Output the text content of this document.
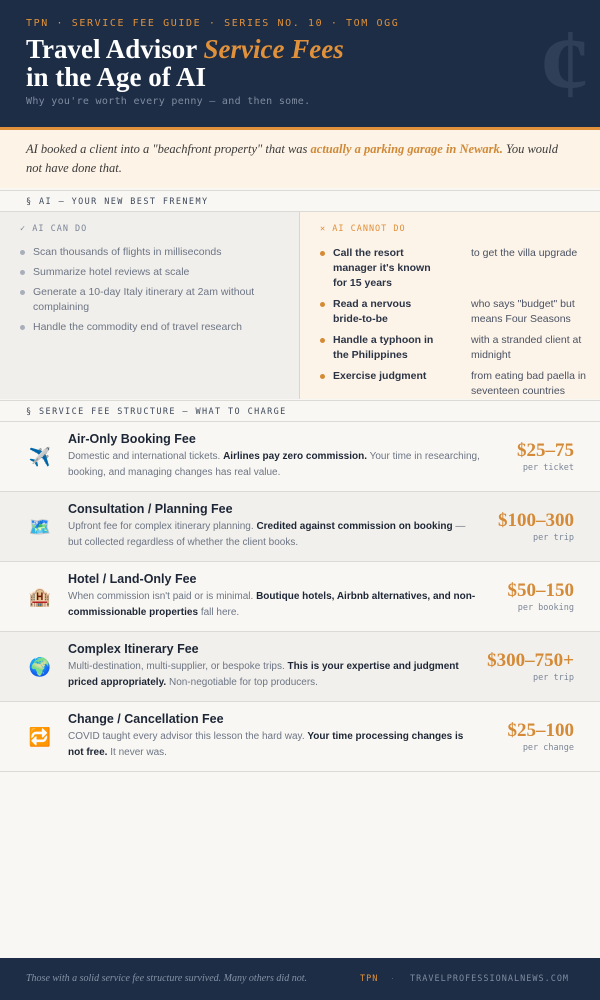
TPN · SERVICE FEE GUIDE · SERIES NO. 10 · TOM OGG
Travel Advisor Service Fees
in the Age of AI
Why you're worth every penny — and then some. ¢
AI booked a client into a "beachfront property" that was actually a parking garage in Newark. You would not have done that.
§ AI — YOUR NEW BEST FRENEMY
✓ AI CAN DO
Scan thousands of flights in milliseconds
Summarize hotel reviews at scale
Generate a 10-day Italy itinerary at 2am without complaining
Handle the commodity end of travel research
✕ AI CANNOT DO
Call the resort manager it's known for 15 years
to get the villa upgrade
Read a nervous bride-to-be
who says "budget" but means Four Seasons
Handle a typhoon in the Philippines
with a stranded client at midnight
Exercise judgment	from eating bad paella in seventeen countries
§ SERVICE FEE STRUCTURE — WHAT TO CHARGE
✈️
Air-Only Booking Fee
Domestic and international tickets. Airlines pay zero commission. Your time in researching, booking, and managing changes has real value.
$25–75
per ticket
🗺️
Consultation / Planning Fee
Upfront fee for complex itinerary planning. Credited against commission on booking — but collected regardless of whether the client books.
$100–300
per trip
🏨
Hotel / Land-Only Fee
When commission isn't paid or is minimal. Boutique hotels, Airbnb alternatives, and non-commissionable properties fall here.
$50–150
per booking
🌍
Complex Itinerary Fee
Multi-destination, multi-supplier, or bespoke trips. This is your expertise and judgment priced appropriately. Non-negotiable for top producers.
$300–750+
per trip
🔁
Change / Cancellation Fee
COVID taught every advisor this lesson the hard way. Your time processing changes is not free. It never was.
$25–100
per change
Those with a solid service fee structure survived. Many others did not.	TPN · TRAVELPROFESSIONALNEWS.COM
